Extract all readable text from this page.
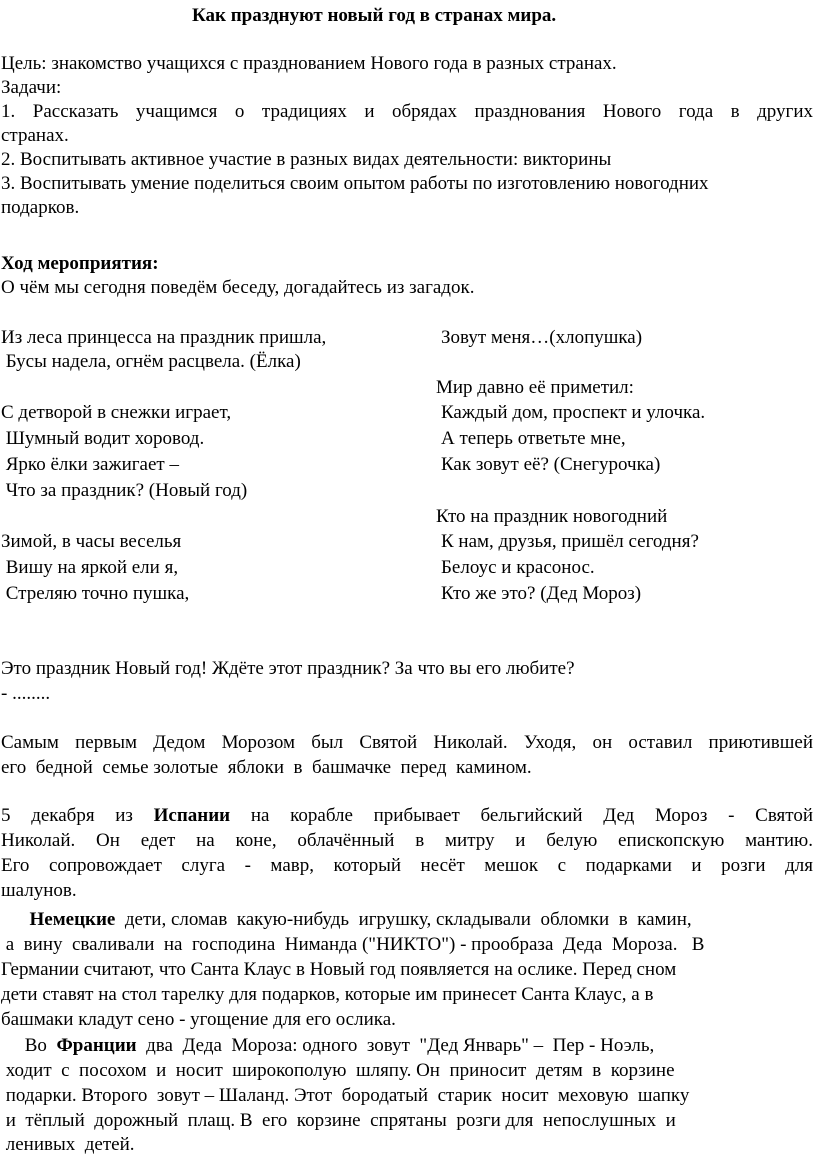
Как празднуют новый год в странах мира.
Цель: знакомство учащихся с празднованием Нового года в разных странах.
Задачи:
1. Рассказать учащимся о традициях и обрядах празднования Нового года в других
странах.
2. Воспитывать активное участие в разных видах деятельности: викторины
3. Воспитывать умение поделиться своим опытом работы по изготовлению новогодних
подарков.
Ход мероприятия:
О чём мы сегодня поведём беседу, догадайтесь из загадок.
Из леса принцесса на праздник пришла,
Бусы надела, огнём расцвела. (Ёлка)
С детворой в снежки играет,
Шумный водит хоровод.
Ярко ёлки зажигает –
Что за праздник? (Новый год)
Зимой, в часы веселья
Вишу на яркой ели я,
Стреляю точно пушка,
Зовут меня…(хлопушка)
Мир давно её приметил:
Каждый дом, проспект и улочка.
А теперь ответьте мне,
Как зовут её? (Снегурочка)
Кто на праздник новогодний
К нам, друзья, пришёл сегодня?
Белоус и красонос.
Кто же это? (Дед Мороз)
Это праздник Новый год! Ждёте этот праздник? За что вы его любите?
- ........
Самым первым Дедом Морозом был Святой Николай. Уходя, он оставил приютившей
его  бедной  семье золотые  яблоки  в  башмачке  перед  камином.
5 декабря из Испании на корабле прибывает бельгийский Дед Мороз - Святой
Николай. Он едет на коне, облачённый в митру и белую епископскую мантию.
Его сопровождает слуга - мавр, который несёт мешок с подарками и розги для
шалунов.
Немецкие  дети, сломав  какую-нибудь  игрушку, складывали  обломки  в  камин,
а  вину  сваливали  на  господина  Ниманда ("НИКТО") - прообраза  Деда  Мороза.   В
Германии считают, что Санта Клаус в Новый год появляется на ослике. Перед сном
дети ставят на стол тарелку для подарков, которые им принесет Санта Клаус, а в
башмаки кладут сено - угощение для его ослика.
Во  Франции  два  Деда  Мороза: одного  зовут  "Дед Январь" –  Пер - Ноэль,
ходит  с  посохом  и  носит  широкополую  шляпу. Он  приносит  детям  в  корзине
подарки. Второго  зовут – Шаланд. Этот  бородатый  старик  носит  меховую  шапку
и  тёплый  дорожный  плащ. В  его  корзине  спрятаны  розги для  непослушных  и
ленивых  детей.
